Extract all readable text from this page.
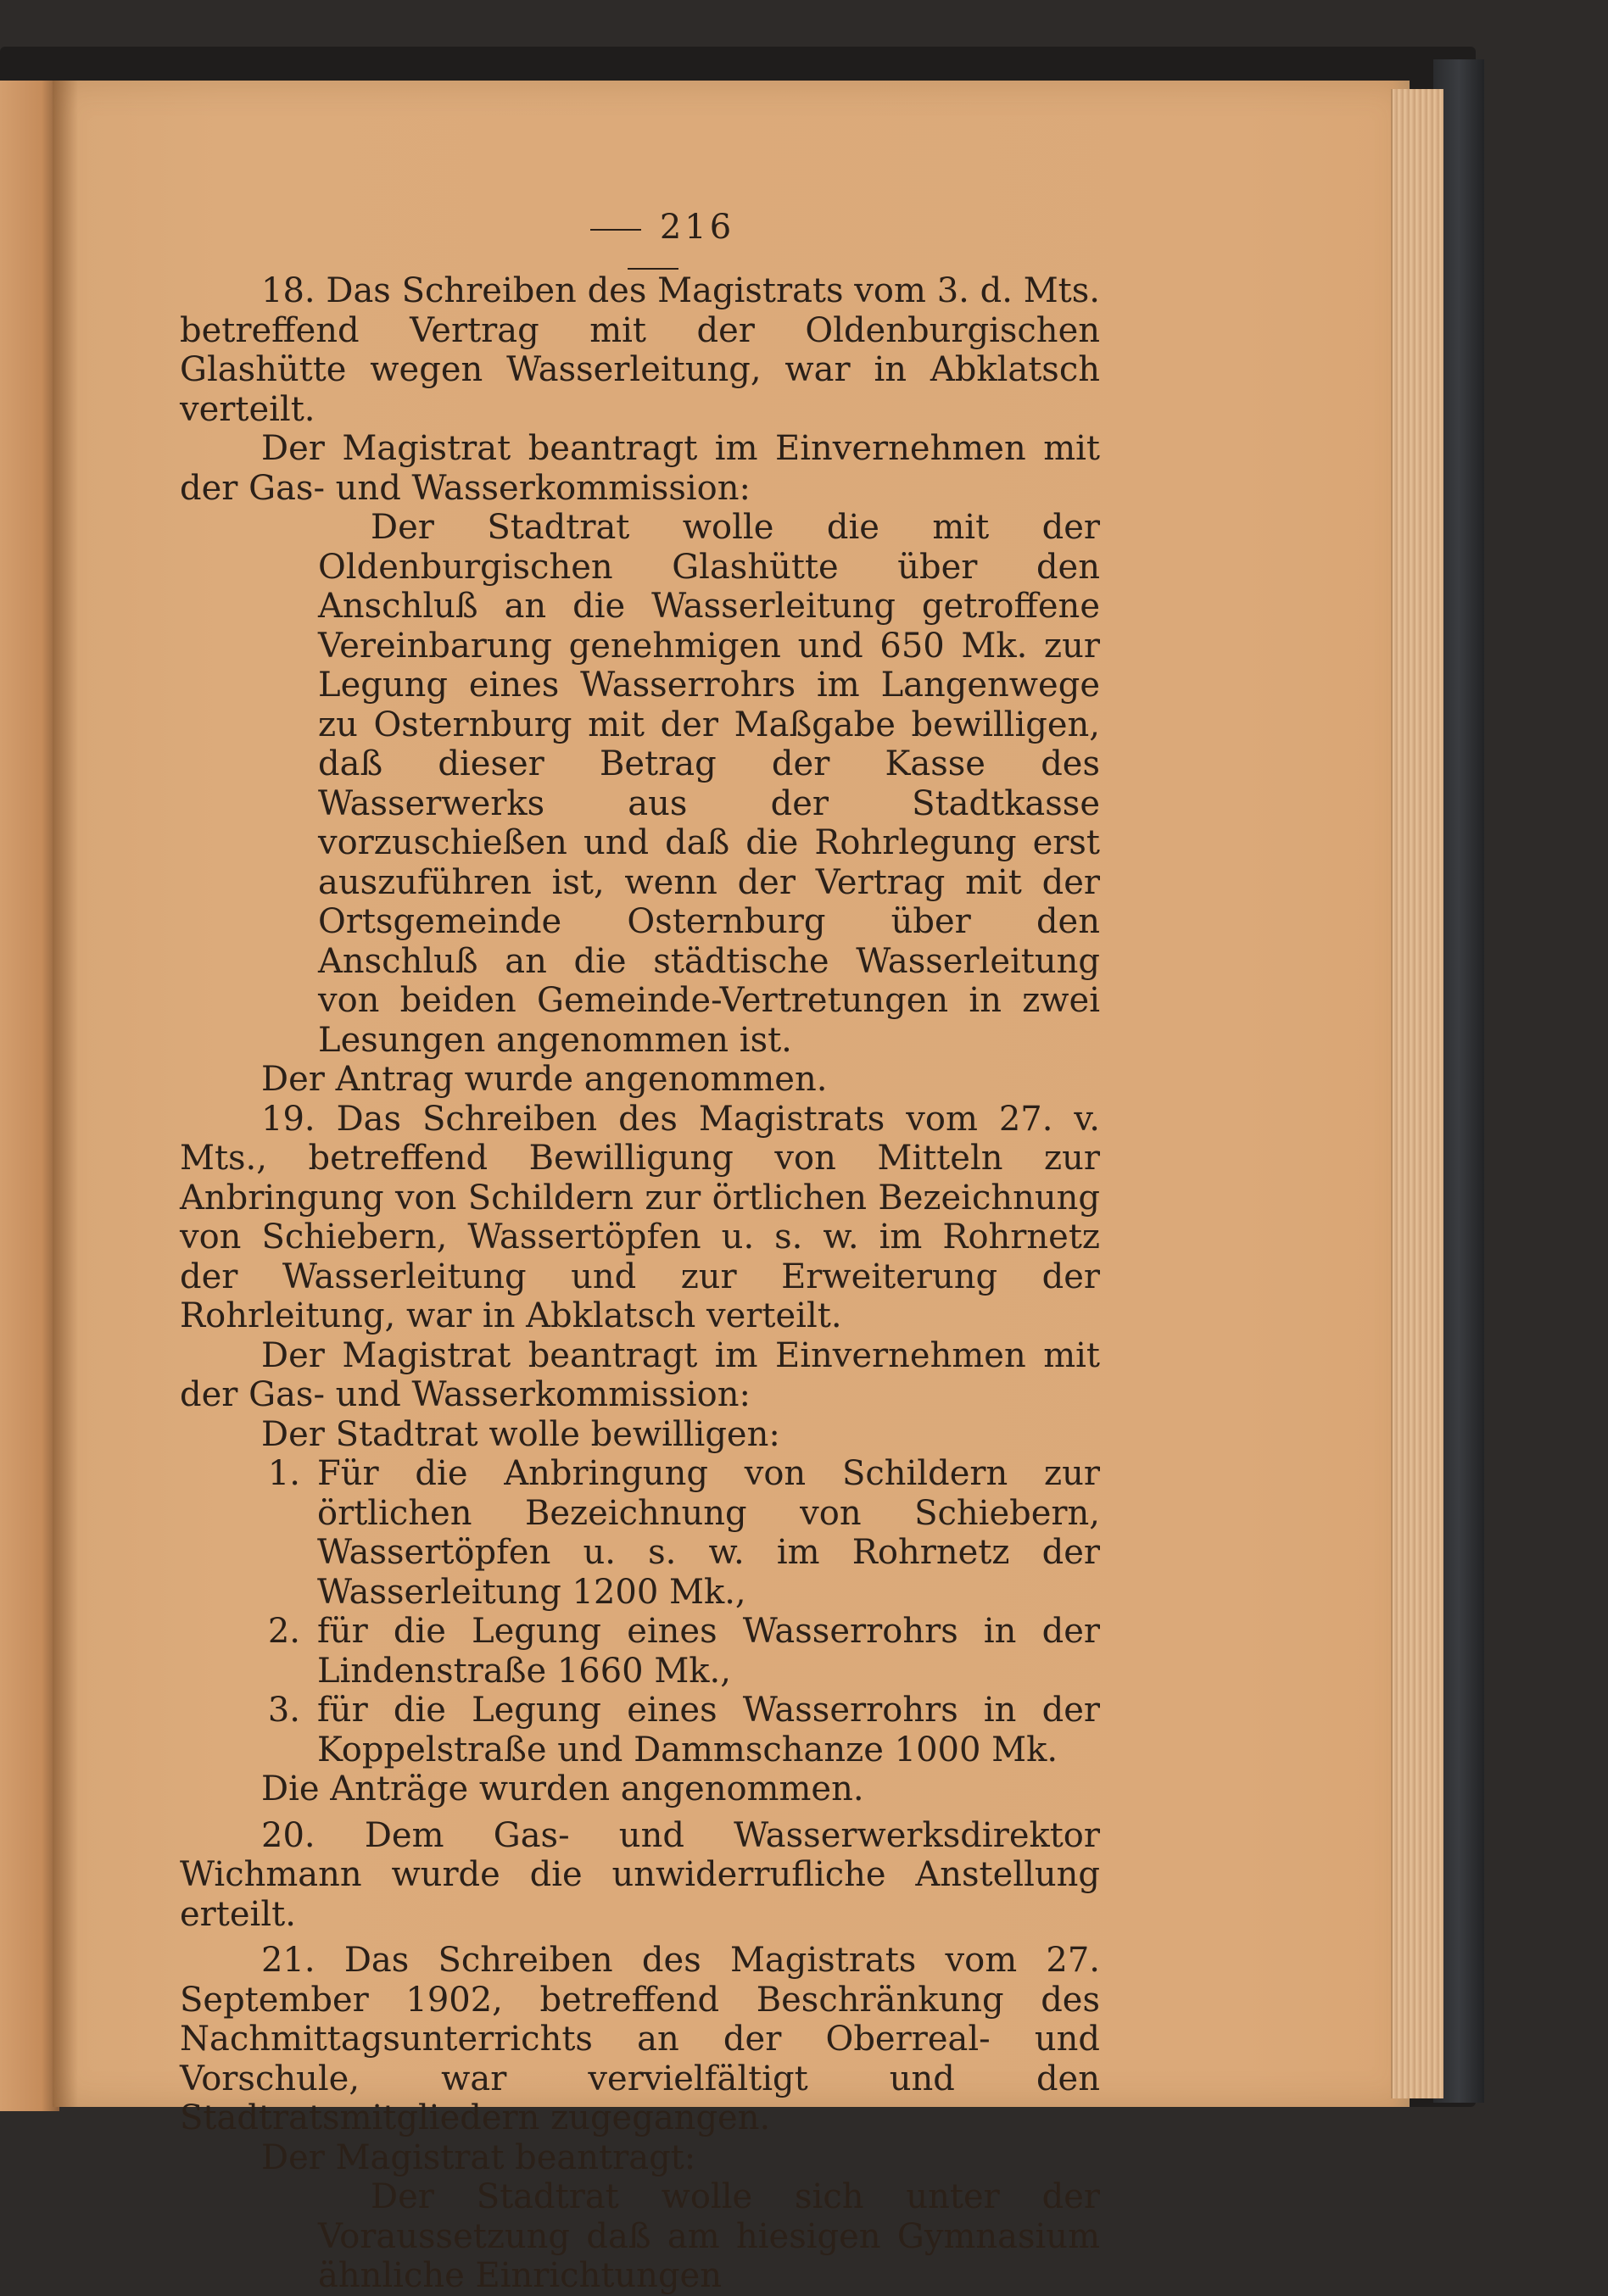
216

18. Das Schreiben des Magistrats vom 3. d. Mts. betreffend Vertrag mit der Oldenburgischen Glashütte wegen Wasserleitung, war in Abklatsch verteilt.

Der Magistrat beantragt im Einvernehmen mit der Gas- und Wasserkommission:

Der Stadtrat wolle die mit der Oldenburgischen Glashütte über den Anschluß an die Wasserleitung getroffene Vereinbarung genehmigen und 650 Mk. zur Legung eines Wasserrohrs im Langenwege zu Osternburg mit der Maßgabe bewilligen, daß dieser Betrag der Kasse des Wasserwerks aus der Stadtkasse vorzuschießen und daß die Rohrlegung erst auszuführen ist, wenn der Vertrag mit der Ortsgemeinde Osternburg über den Anschluß an die städtische Wasserleitung von beiden Gemeinde-Vertretungen in zwei Lesungen angenommen ist.

Der Antrag wurde angenommen.

19. Das Schreiben des Magistrats vom 27. v. Mts., betreffend Bewilligung von Mitteln zur Anbringung von Schildern zur örtlichen Bezeichnung von Schiebern, Wassertöpfen u. s. w. im Rohrnetz der Wasserleitung und zur Erweiterung der Rohrleitung, war in Abklatsch verteilt.

Der Magistrat beantragt im Einvernehmen mit der Gas- und Wasserkommission:

Der Stadtrat wolle bewilligen:

1. Für die Anbringung von Schildern zur örtlichen Bezeichnung von Schiebern, Wassertöpfen u. s. w. im Rohrnetz der Wasserleitung 1200 Mk.,
2. für die Legung eines Wasserrohrs in der Lindenstraße 1660 Mk.,
3. für die Legung eines Wasserrohrs in der Koppelstraße und Dammschanze 1000 Mk.

Die Anträge wurden angenommen.

20. Dem Gas- und Wasserwerksdirektor Wichmann wurde die unwiderrufliche Anstellung erteilt.

21. Das Schreiben des Magistrats vom 27. September 1902, betreffend Beschränkung des Nachmittagsunterrichts an der Oberreal- und Vorschule, war vervielfältigt und den Stadtratsmitgliedern zugegangen.

Der Magistrat beantragt:

Der Stadtrat wolle sich unter der Voraussetzung daß am hiesigen Gymnasium ähnliche Einrichtungen
